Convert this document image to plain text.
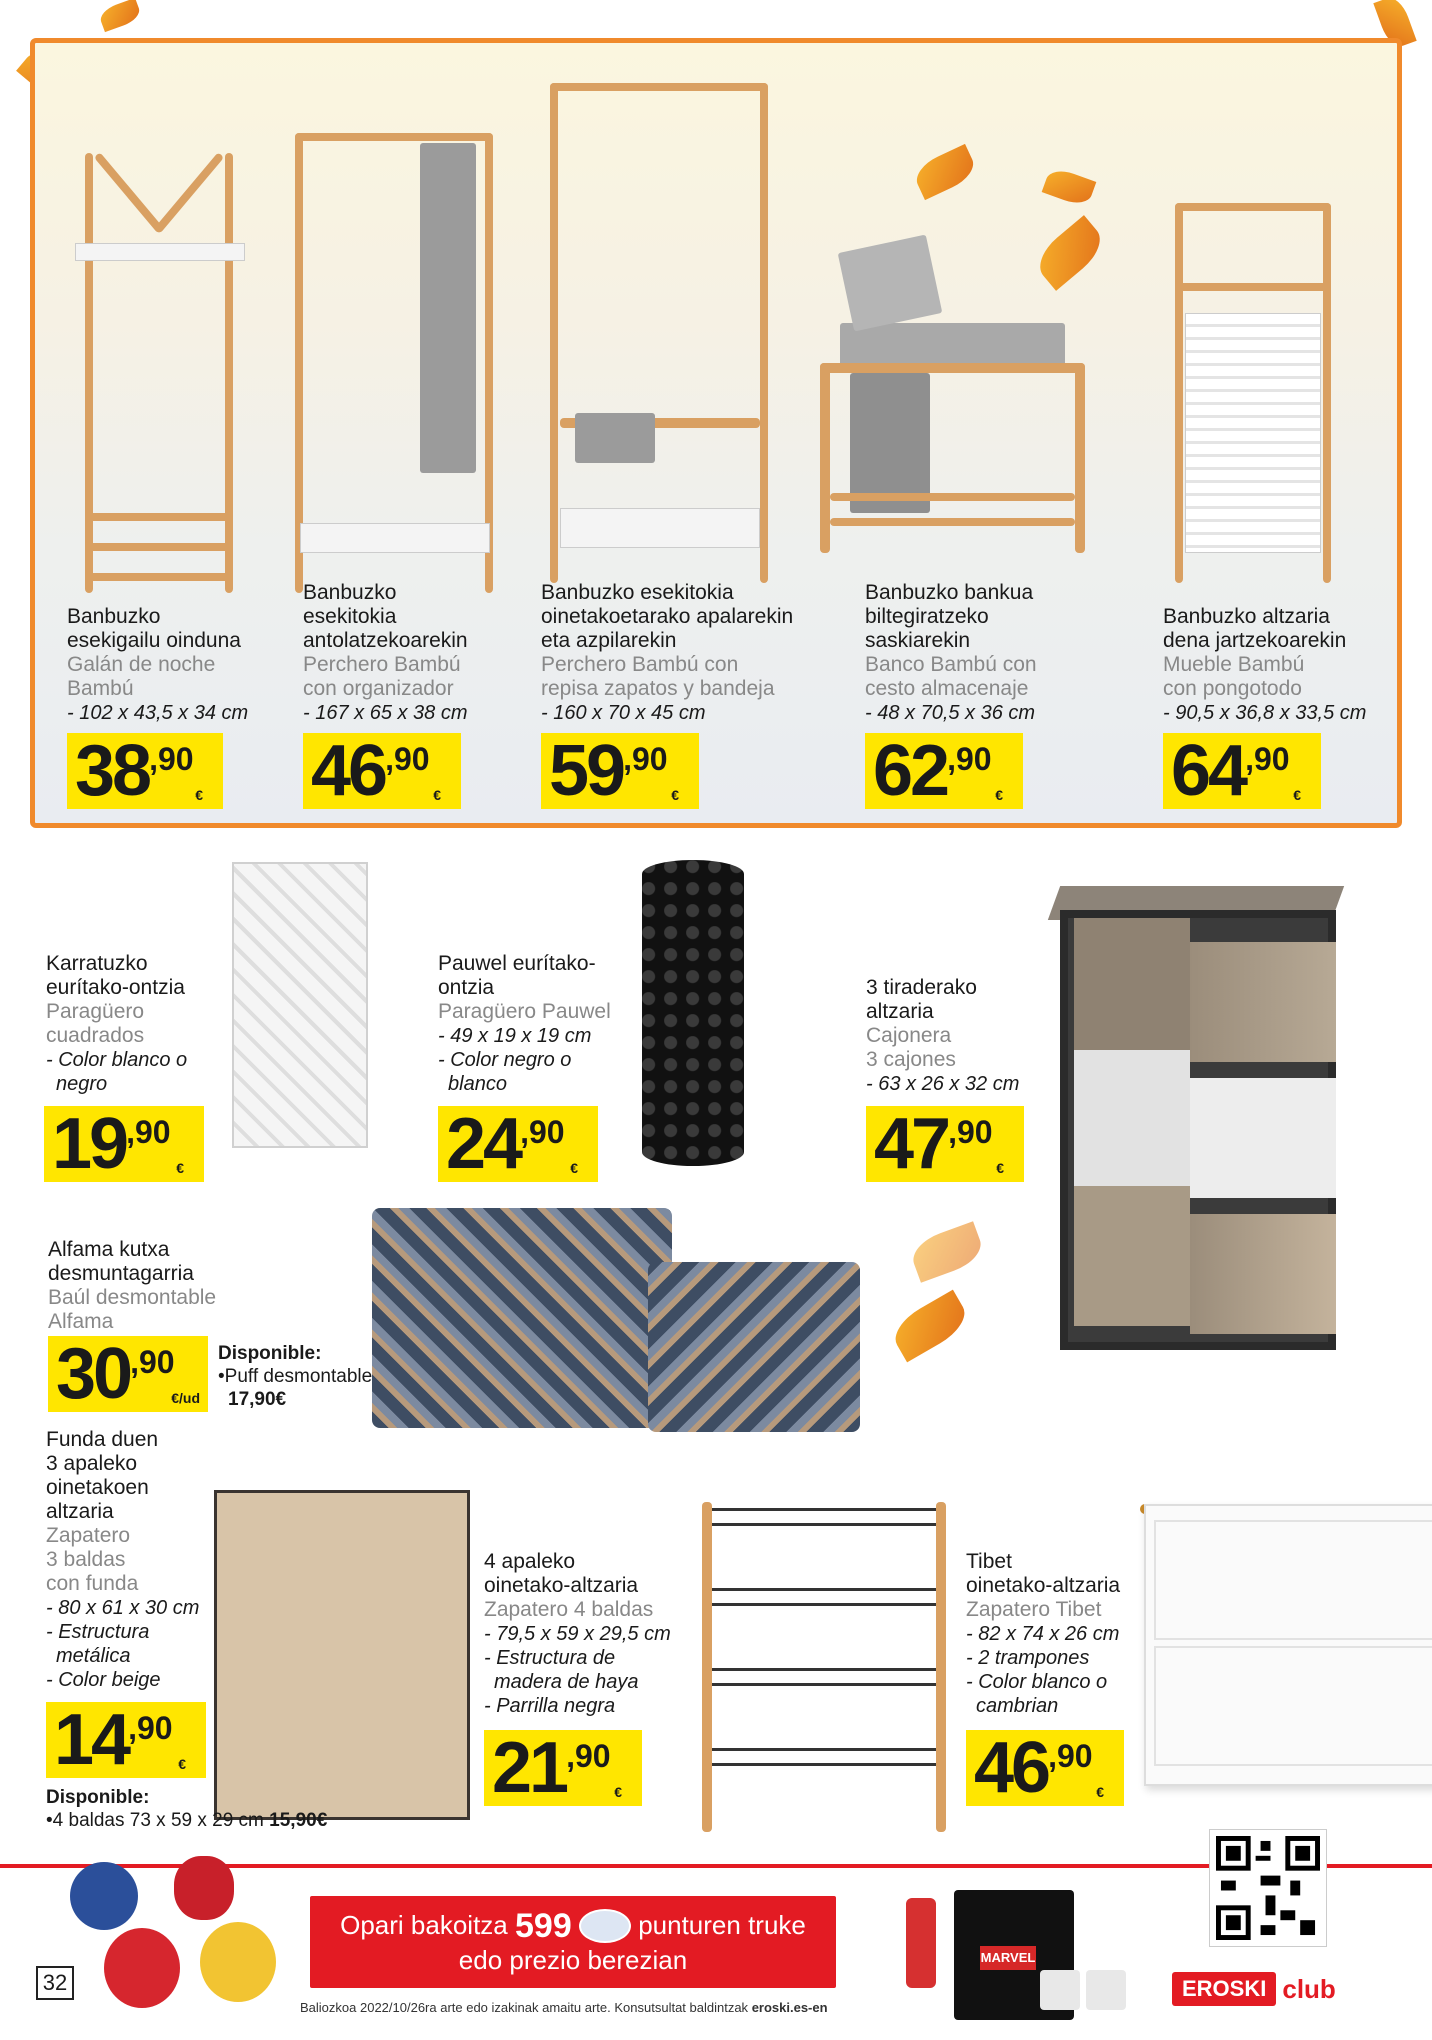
Banbuzko
esekigailu oinduna
Galán de noche
Bambú
- 102 x 43,5 x 34 cm
38 ,90
€
Banbuzko
esekitokia
antolatzekoarekin
Perchero Bambú
con organizador
- 167 x 65 x 38 cm
46 ,90
€
Banbuzko esekitokia
oinetakoetarako apalarekin
eta azpilarekin
Perchero Bambú con
repisa zapatos y bandeja
- 160 x 70 x 45 cm
59 ,90
€
Banbuzko bankua
biltegiratzeko
saskiarekin
Banco Bambú con
cesto almacenaje
- 48 x 70,5 x 36 cm
62 ,90
€
Banbuzko altzaria
dena jartzekoarekin
Mueble Bambú
con pongotodo
- 90,5 x 36,8 x 33,5 cm
64 ,90
€
Karratuzko
eurítako-ontzia
Paragüero
cuadrados
- Color blanco o
negro
19 ,90
€
Pauwel eurítako-
ontzia
Paragüero Pauwel
- 49 x 19 x 19 cm
- Color negro o
blanco
24 ,90
€
3 tiraderako
altzaria
Cajonera
3 cajones
- 63 x 26 x 32 cm
47 ,90
€
Alfama kutxa
desmuntagarria
Baúl desmontable
Alfama
30 ,90
€/ud
Disponible:
•Puff desmontable
17,90€
Funda duen
3 apaleko
oinetakoen
altzaria
Zapatero
3 baldas
con funda
- 80 x 61 x 30 cm
- Estructura
metálica
- Color beige
14 ,90
€
Disponible:
•4 baldas 73 x 59 x 29 cm 15,90€
4 apaleko
oinetako-altzaria
Zapatero 4 baldas
- 79,5 x 59 x 29,5 cm
- Estructura de
madera de haya
- Parrilla negra
21 ,90
€
Tibet
oinetako-altzaria
Zapatero Tibet
- 82 x 74 x 26 cm
- 2 trampones
- Color blanco o
cambrian
46 ,90
€
Opari bakoitza 599	punturen truke
edo prezio berezian	MARVEL
32
Baliozkoa 2022/10/26ra arte edo izakinak amaitu arte. Konsutsultat baldintzak eroski.es-en
EROSKI club
